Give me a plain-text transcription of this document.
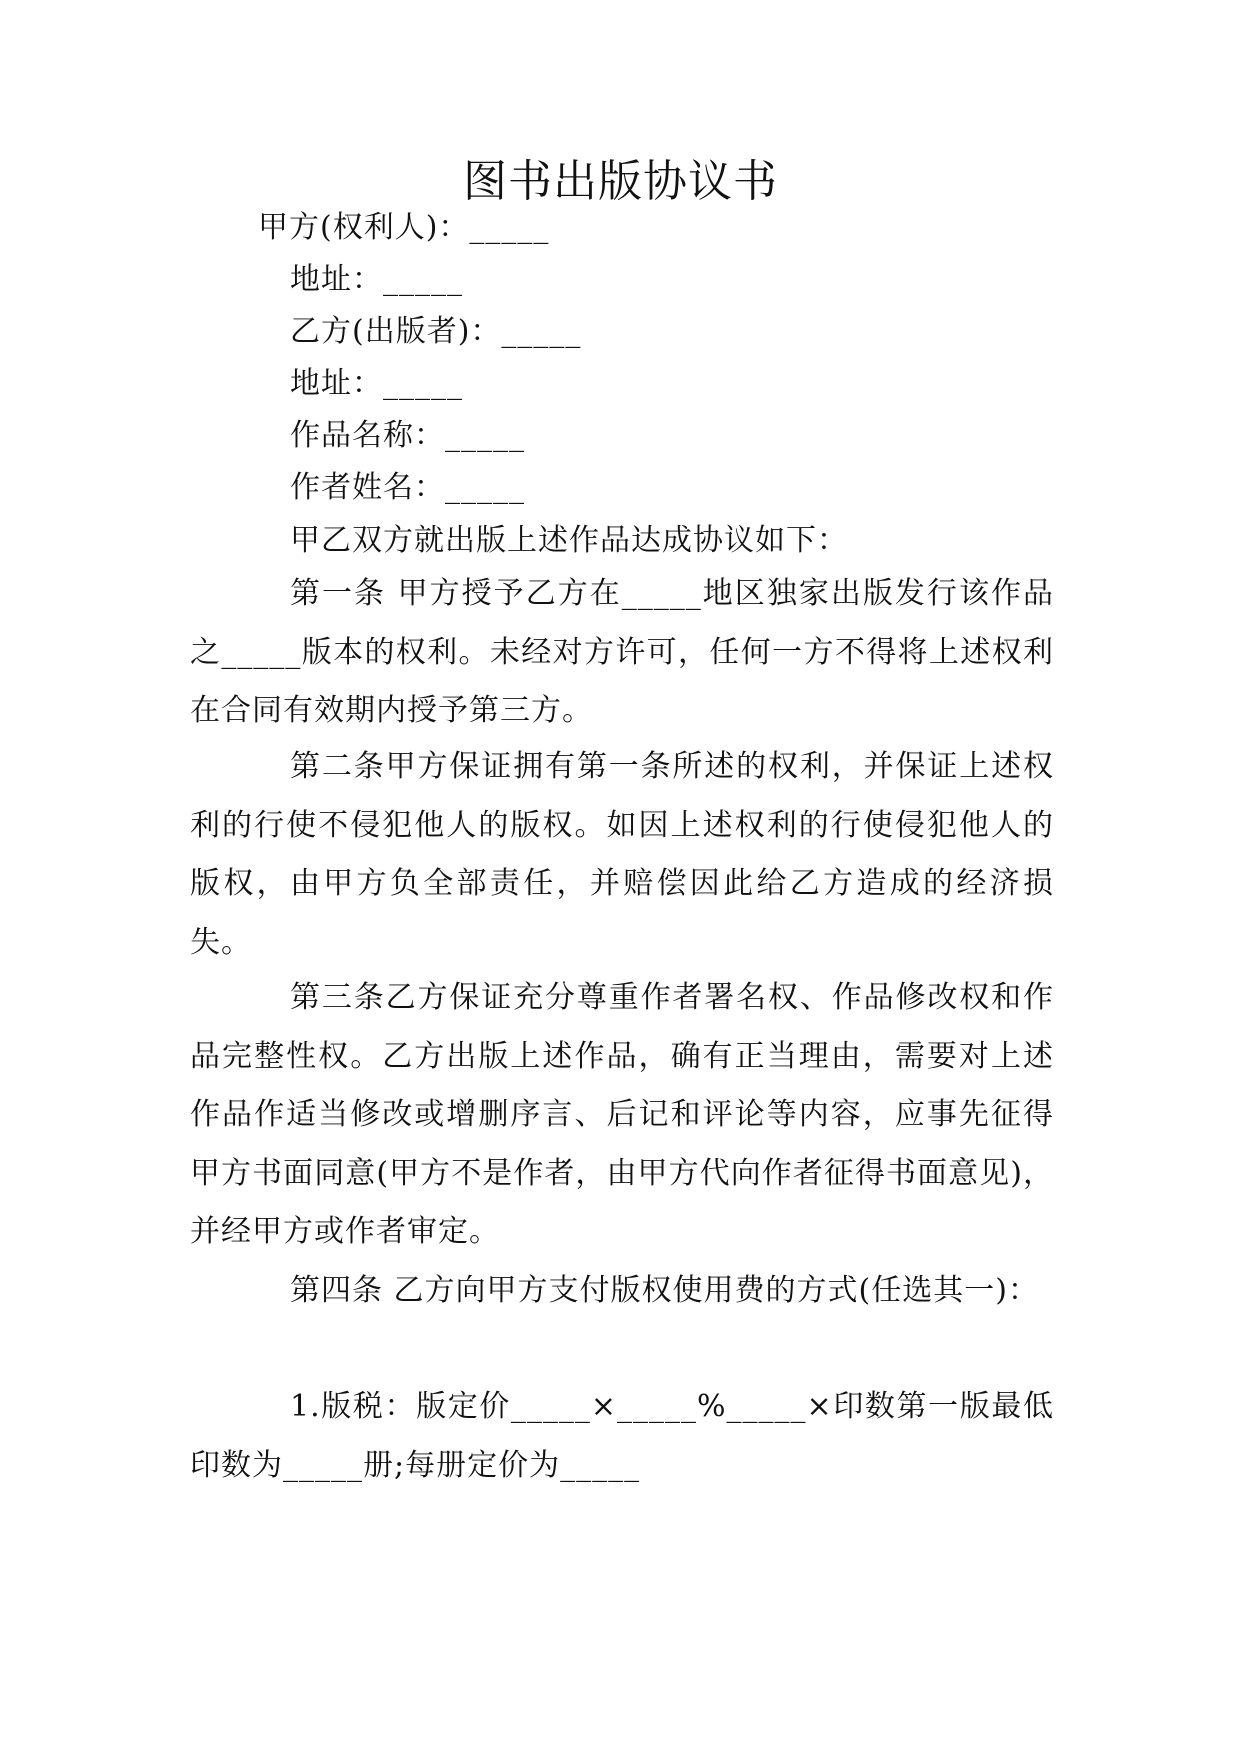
图书出版协议书

甲方(权利人)：_____

地址：_____

乙方(出版者)：_____

地址：_____

作品名称：_____

作者姓名：_____

甲乙双方就出版上述作品达成协议如下：

第一条 甲方授予乙方在_____地区独家出版发行该作品之_____版本的权利。未经对方许可，任何一方不得将上述权利在合同有效期内授予第三方。

第二条甲方保证拥有第一条所述的权利，并保证上述权利的行使不侵犯他人的版权。如因上述权利的行使侵犯他人的版权，由甲方负全部责任，并赔偿因此给乙方造成的经济损失。

第三条乙方保证充分尊重作者署名权、作品修改权和作品完整性权。乙方出版上述作品，确有正当理由，需要对上述作品作适当修改或增删序言、后记和评论等内容，应事先征得甲方书面同意(甲方不是作者，由甲方代向作者征得书面意见)，并经甲方或作者审定。

第四条 乙方向甲方支付版权使用费的方式(任选其一)：

1.版税：版定价_____×_____%_____×印数第一版最低印数为_____册;每册定价为_____
